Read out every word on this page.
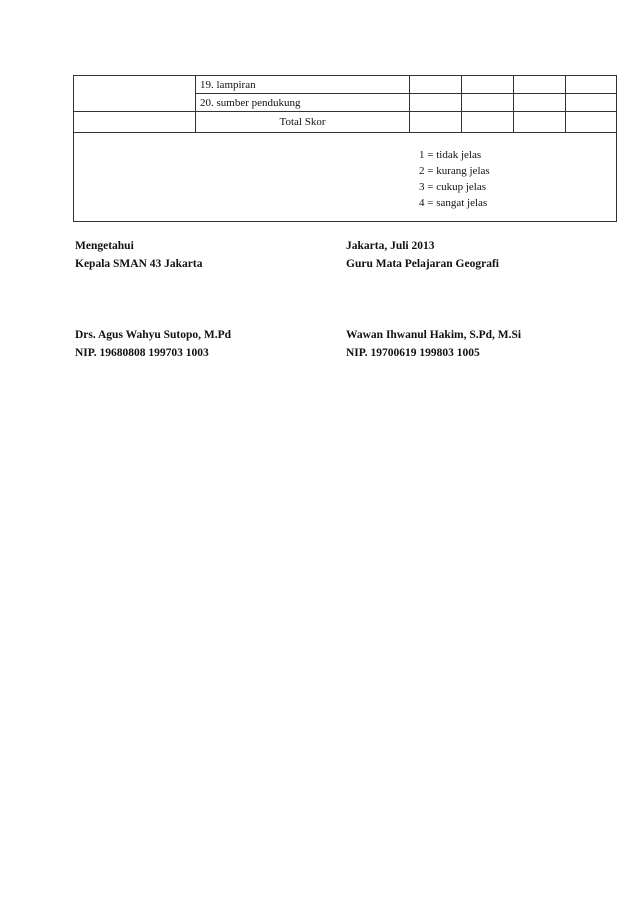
	19. lampiran				
	20. sumber pendukung				
	Total Skor				

1 = tidak jelas
2 = kurang jelas
3 = cukup jelas
4 = sangat jelas					
Mengetahui
Kepala SMAN 43 Jakarta
Jakarta, Juli 2013
Guru Mata Pelajaran Geografi
Drs. Agus Wahyu Sutopo, M.Pd
NIP. 19680808 199703 1003
Wawan Ihwanul Hakim, S.Pd, M.Si
NIP. 19700619 199803 1005
